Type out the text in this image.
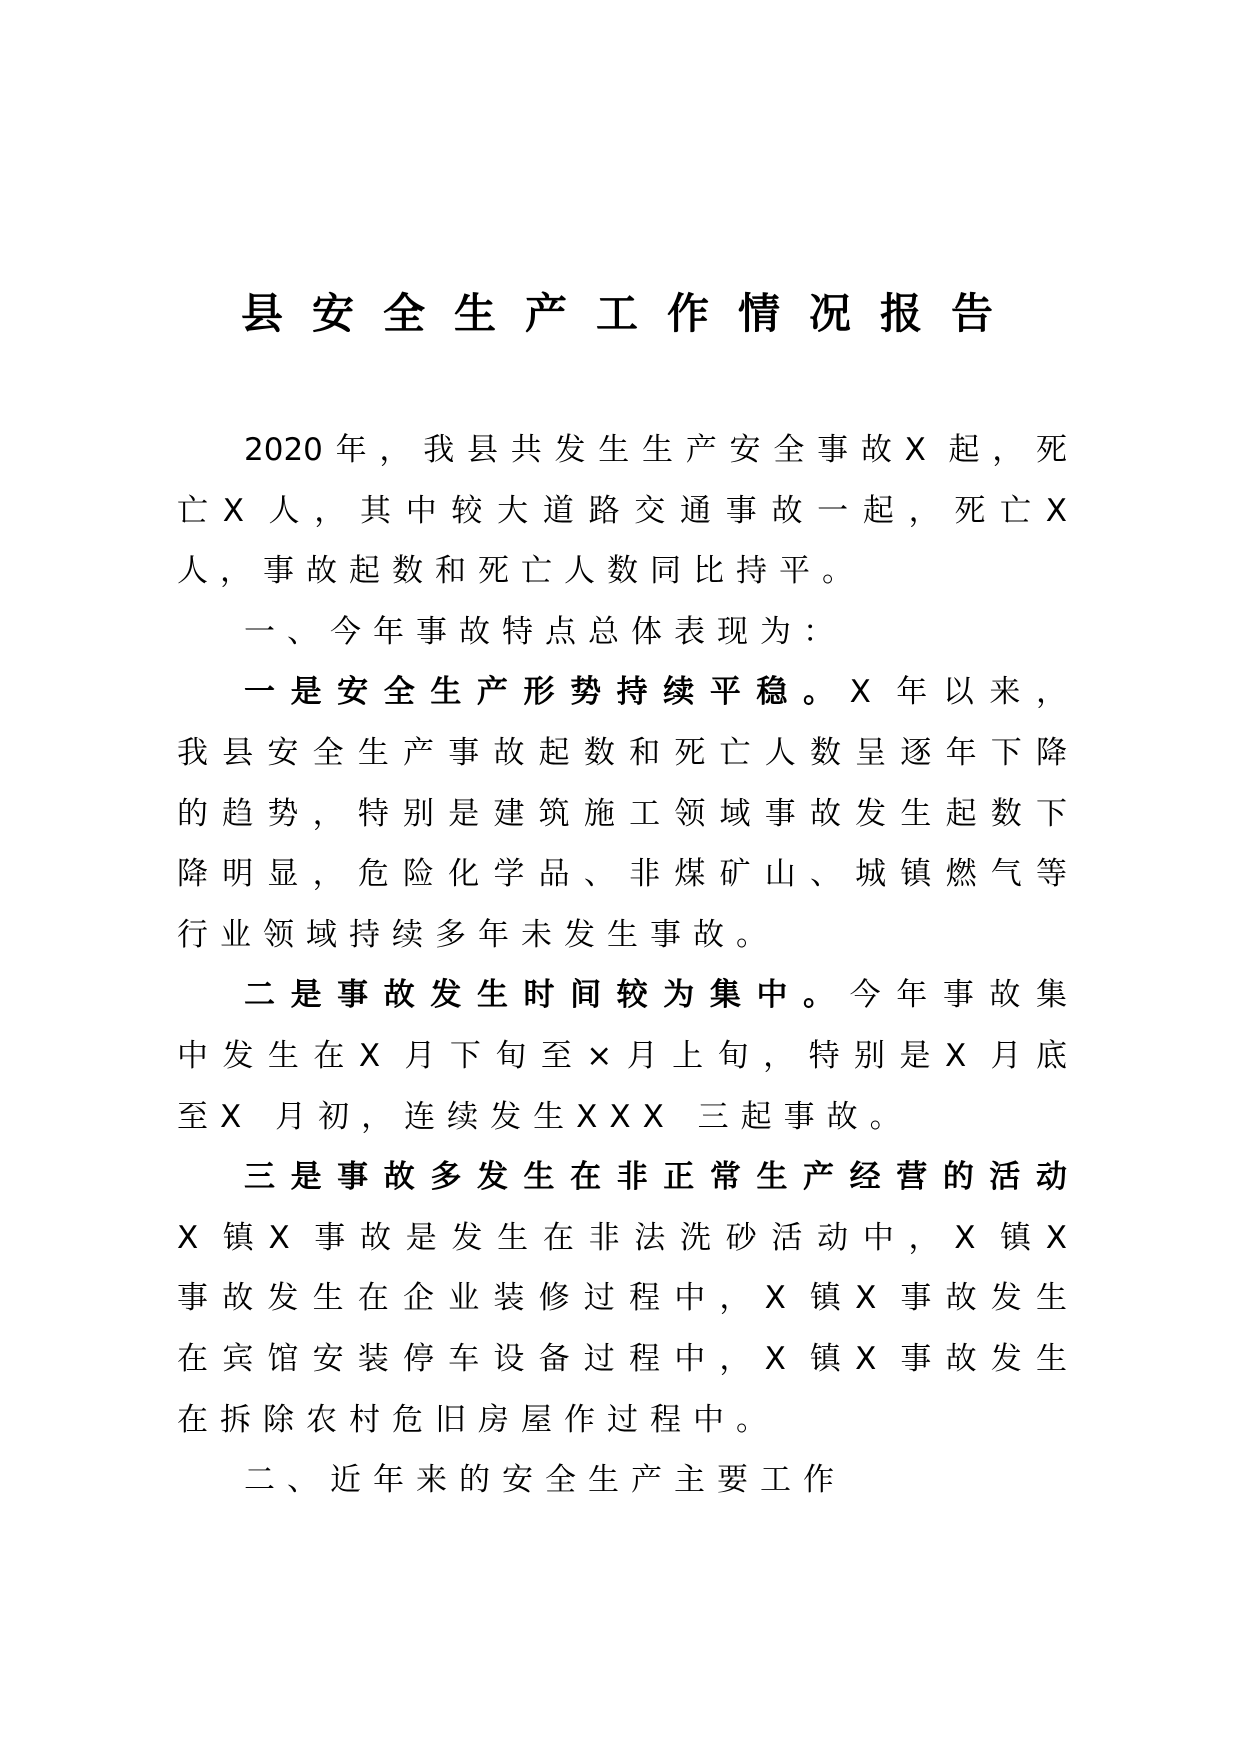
县安全生产工作情况报告
2020年，我县共发生生产安全事故X 起，死
亡X 人，其中较大道路交通事故一起，死亡X
人，事故起数和死亡人数同比持平。
一、今年事故特点总体表现为：
一是安全生产形势持续平稳。X 年以来，
我县安全生产事故起数和死亡人数呈逐年下降
的趋势，特别是建筑施工领域事故发生起数下
降明显，危险化学品、非煤矿山、城镇燃气等
行业领域持续多年未发生事故。
二是事故发生时间较为集中。今年事故集
中发生在X 月下旬至×月上旬，特别是X 月底
至X 月初，连续发生XXX 三起事故。
三是事故多发生在非正常生产经营的活动
X 镇X 事故是发生在非法洗砂活动中，X 镇X
事故发生在企业装修过程中，X 镇X 事故发生
在宾馆安装停车设备过程中，X 镇X 事故发生
在拆除农村危旧房屋作过程中。
二、近年来的安全生产主要工作
